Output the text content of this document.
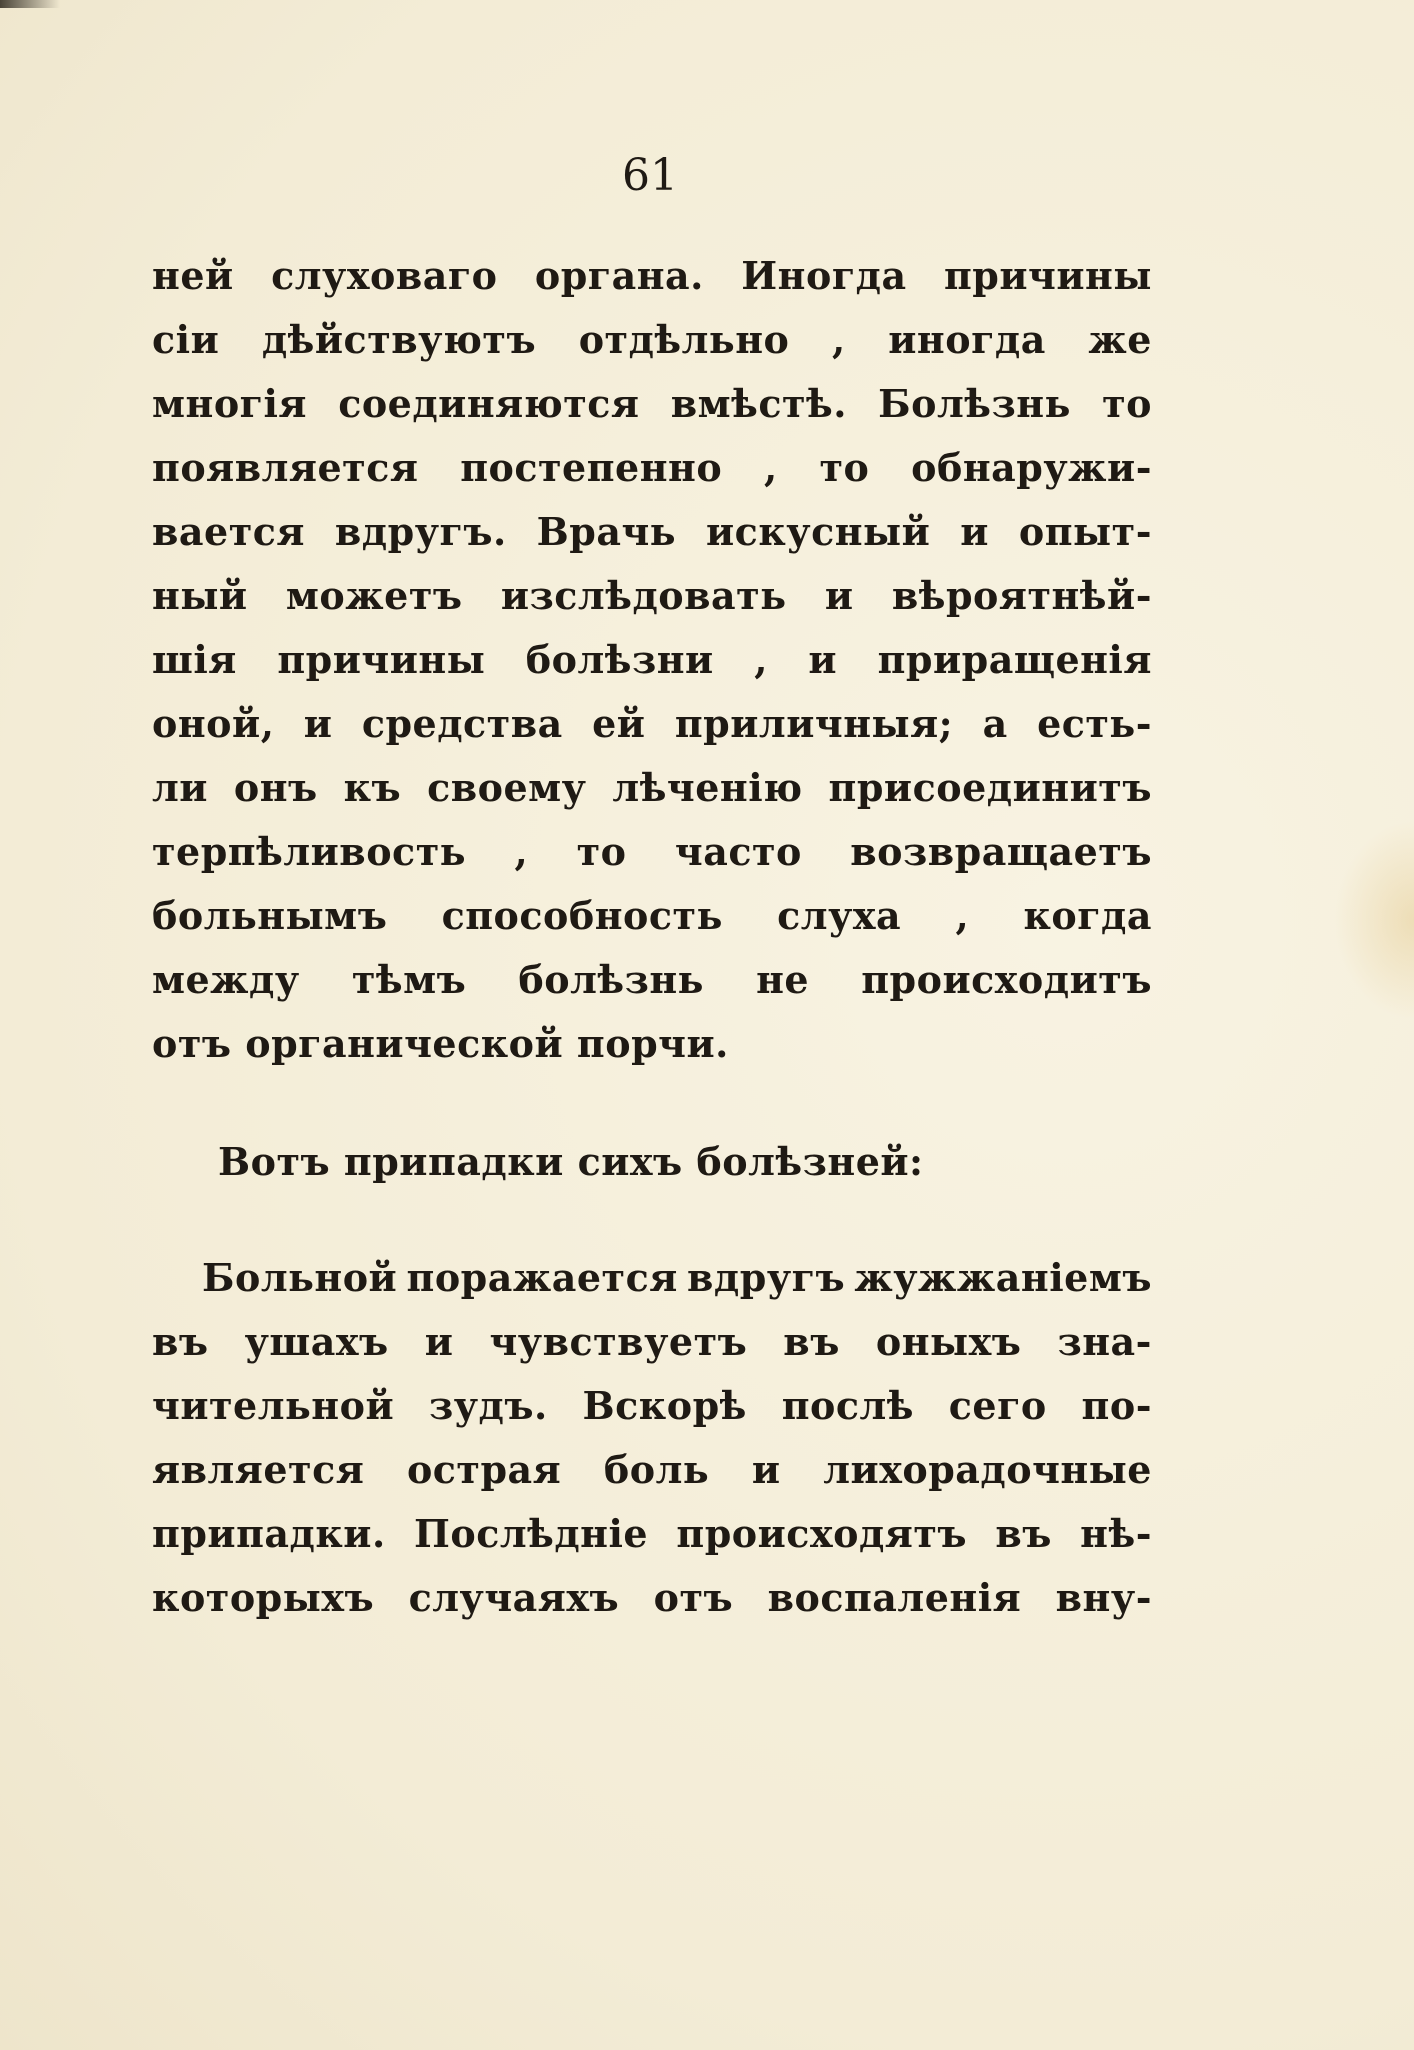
61
ней слуховаго органа. Иногда причины
сіи дѣйствуютъ отдѣльно , иногда же
многія соединяются вмѣстѣ. Болѣзнь то
появляется постепенно , то обнаружи-
вается вдругъ. Врачь искусный и опыт-
ный можетъ изслѣдовать и вѣроятнѣй-
шія причины болѣзни , и приращенія
оной, и средства ей приличныя; а есть-
ли онъ къ своему лѣченію присоединитъ
терпѣливость , то часто возвращаетъ
больнымъ способность слуха , когда
между тѣмъ болѣзнь не происходитъ
отъ органической порчи.
Вотъ припадки сихъ болѣзней:
Больной поражается вдругъ жужжаніемъ
въ ушахъ и чувствуетъ въ оныхъ зна-
чительной зудъ. Вскорѣ послѣ сего по-
является острая боль и лихорадочные
припадки. Послѣдніе происходятъ въ нѣ-
которыхъ случаяхъ отъ воспаленія вну-
